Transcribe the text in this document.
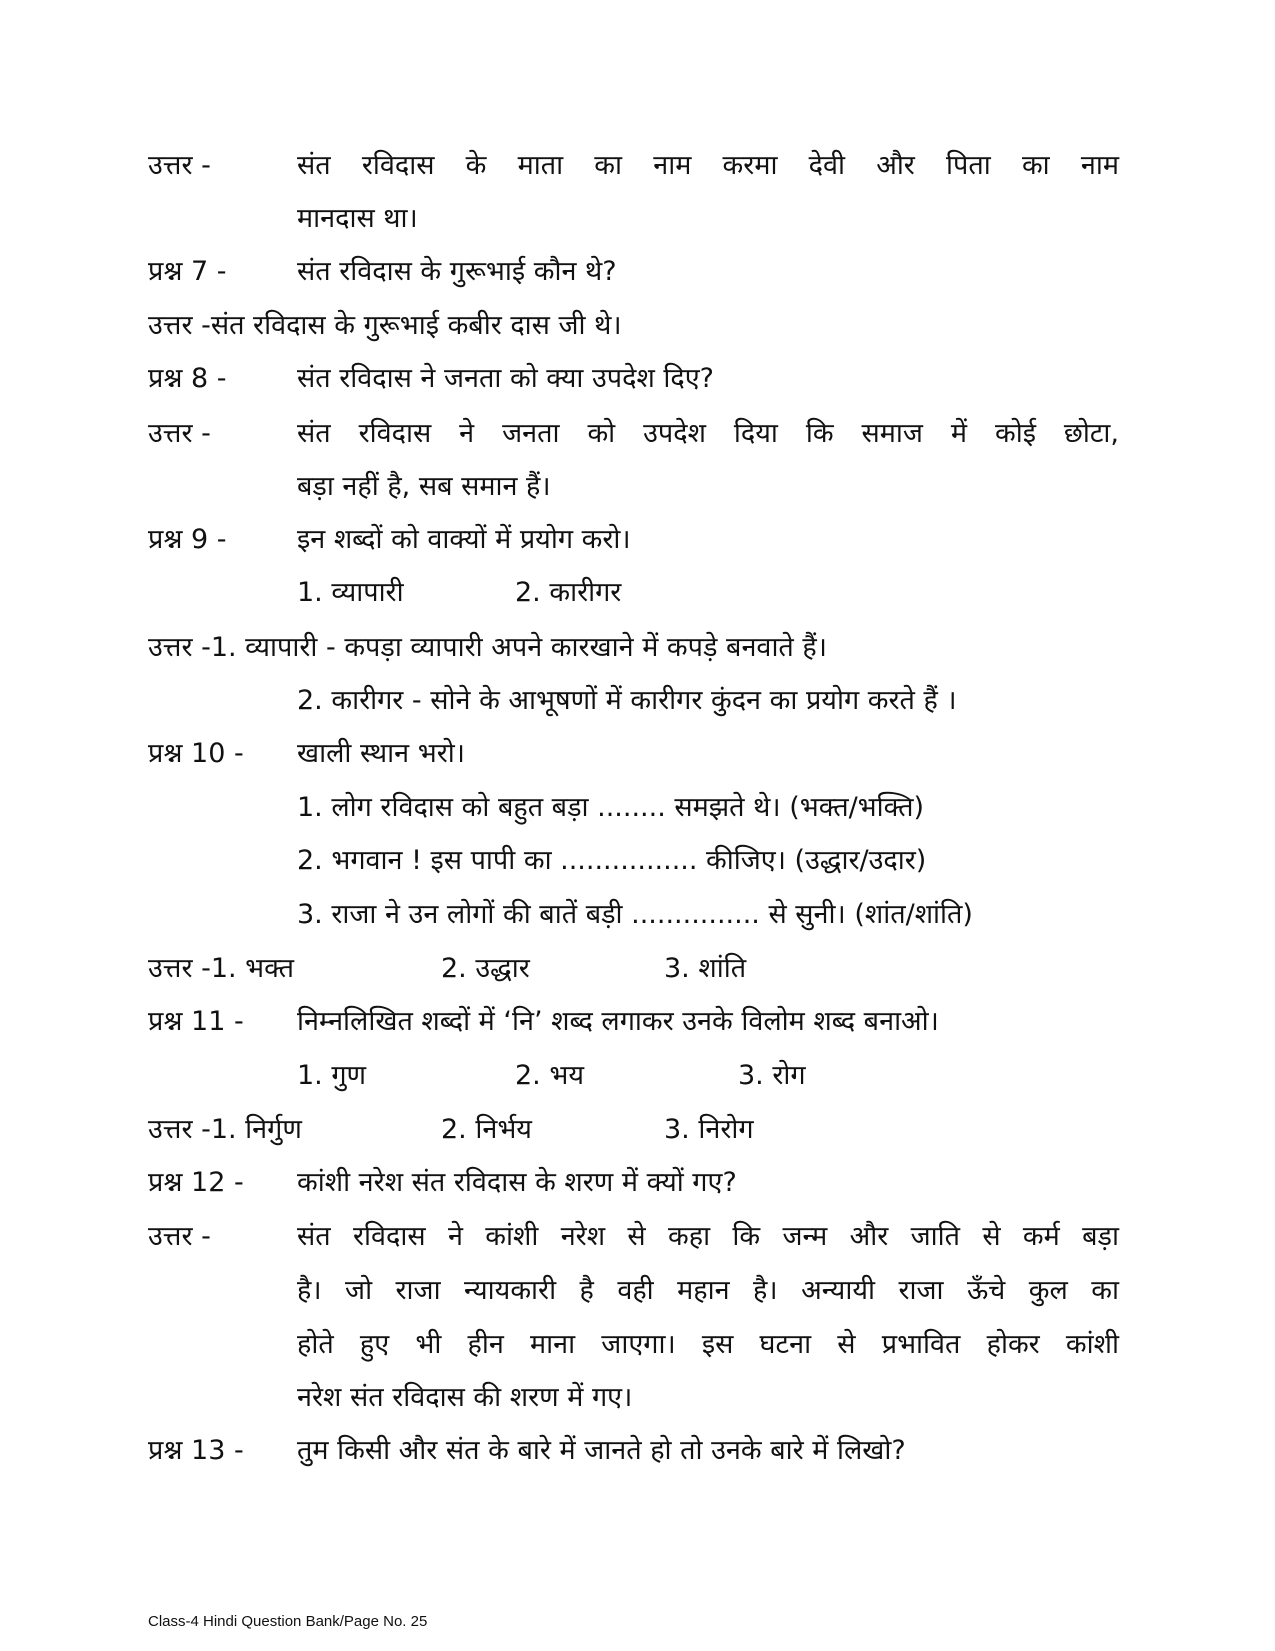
उत्तर -	संत रविदास के माता का नाम करमा देवी और पिता का नाम
मानदास था।
प्रश्न 7 -	संत रविदास के गुरूभाई कौन थे?
उत्तर -संत रविदास के गुरूभाई कबीर दास जी थे।
प्रश्न 8 -	संत रविदास ने जनता को क्या उपदेश दिए?
उत्तर -	संत रविदास ने जनता को उपदेश दिया कि समाज में कोई छोटा,
बड़ा नहीं है, सब समान हैं।
प्रश्न 9 -	इन शब्दों को वाक्यों में प्रयोग करो।
1. व्यापारी	2. कारीगर
उत्तर -1. व्यापारी - कपड़ा व्यापारी अपने कारखाने में कपड़े बनवाते हैं।
2. कारीगर - सोने के आभूषणों में कारीगर कुंदन का प्रयोग करते हैं ।
प्रश्न 10 - खाली स्थान भरो।
1. लोग रविदास को बहुत बड़ा ........ समझते थे। (भक्त/भक्ति)
2. भगवान ! इस पापी का ................ कीजिए। (उद्धार/उदार)
3. राजा ने उन लोगों की बातें बड़ी ............... से सुनी। (शांत/शांति)
उत्तर -1. भक्त	2. उद्धार	3. शांति
प्रश्न 11 - निम्नलिखित शब्दों में ‘नि’ शब्द लगाकर उनके विलोम शब्द बनाओ।
1. गुण	2. भय	3. रोग
उत्तर -1. निर्गुण	2. निर्भय	3. निरोग
प्रश्न 12 - कांशी नरेश संत रविदास के शरण में क्यों गए?
उत्तर -	संत रविदास ने कांशी नरेश से कहा कि जन्म और जाति से कर्म बड़ा
है। जो राजा न्यायकारी है वही महान है। अन्यायी राजा ऊँचे कुल का
होते हुए भी हीन माना जाएगा। इस घटना से प्रभावित होकर कांशी
नरेश संत रविदास की शरण में गए।
प्रश्न 13 - तुम किसी और संत के बारे में जानते हो तो उनके बारे में लिखो?
Class-4 Hindi Question Bank/Page No. 25
